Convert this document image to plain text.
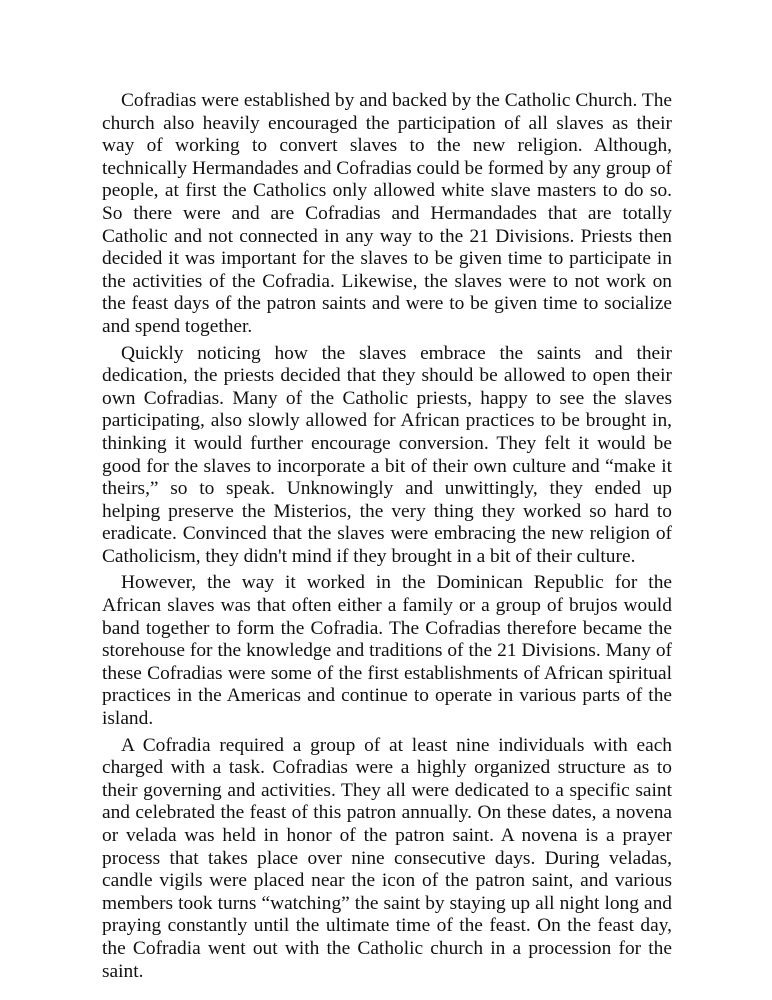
Cofradias were established by and backed by the Catholic Church. The church also heavily encouraged the participation of all slaves as their way of working to convert slaves to the new religion. Although, technically Hermandades and Cofradias could be formed by any group of people, at first the Catholics only allowed white slave masters to do so. So there were and are Cofradias and Hermandades that are totally Catholic and not connected in any way to the 21 Divisions. Priests then decided it was important for the slaves to be given time to participate in the activities of the Cofradia. Likewise, the slaves were to not work on the feast days of the patron saints and were to be given time to socialize and spend together.

Quickly noticing how the slaves embrace the saints and their dedication, the priests decided that they should be allowed to open their own Cofradias. Many of the Catholic priests, happy to see the slaves participating, also slowly allowed for African practices to be brought in, thinking it would further encourage conversion. They felt it would be good for the slaves to incorporate a bit of their own culture and “make it theirs,” so to speak. Unknowingly and unwittingly, they ended up helping preserve the Misterios, the very thing they worked so hard to eradicate. Convinced that the slaves were embracing the new religion of Catholicism, they didn't mind if they brought in a bit of their culture.

However, the way it worked in the Dominican Republic for the African slaves was that often either a family or a group of brujos would band together to form the Cofradia. The Cofradias therefore became the storehouse for the knowledge and traditions of the 21 Divisions. Many of these Cofradias were some of the first establishments of African spiritual practices in the Americas and continue to operate in various parts of the island.

A Cofradia required a group of at least nine individuals with each charged with a task. Cofradias were a highly organized structure as to their governing and activities. They all were dedicated to a specific saint and celebrated the feast of this patron annually. On these dates, a novena or velada was held in honor of the patron saint. A novena is a prayer process that takes place over nine consecutive days. During veladas, candle vigils were placed near the icon of the patron saint, and various members took turns “watching” the saint by staying up all night long and praying constantly until the ultimate time of the feast. On the feast day, the Cofradia went out with the Catholic church in a procession for the saint.
